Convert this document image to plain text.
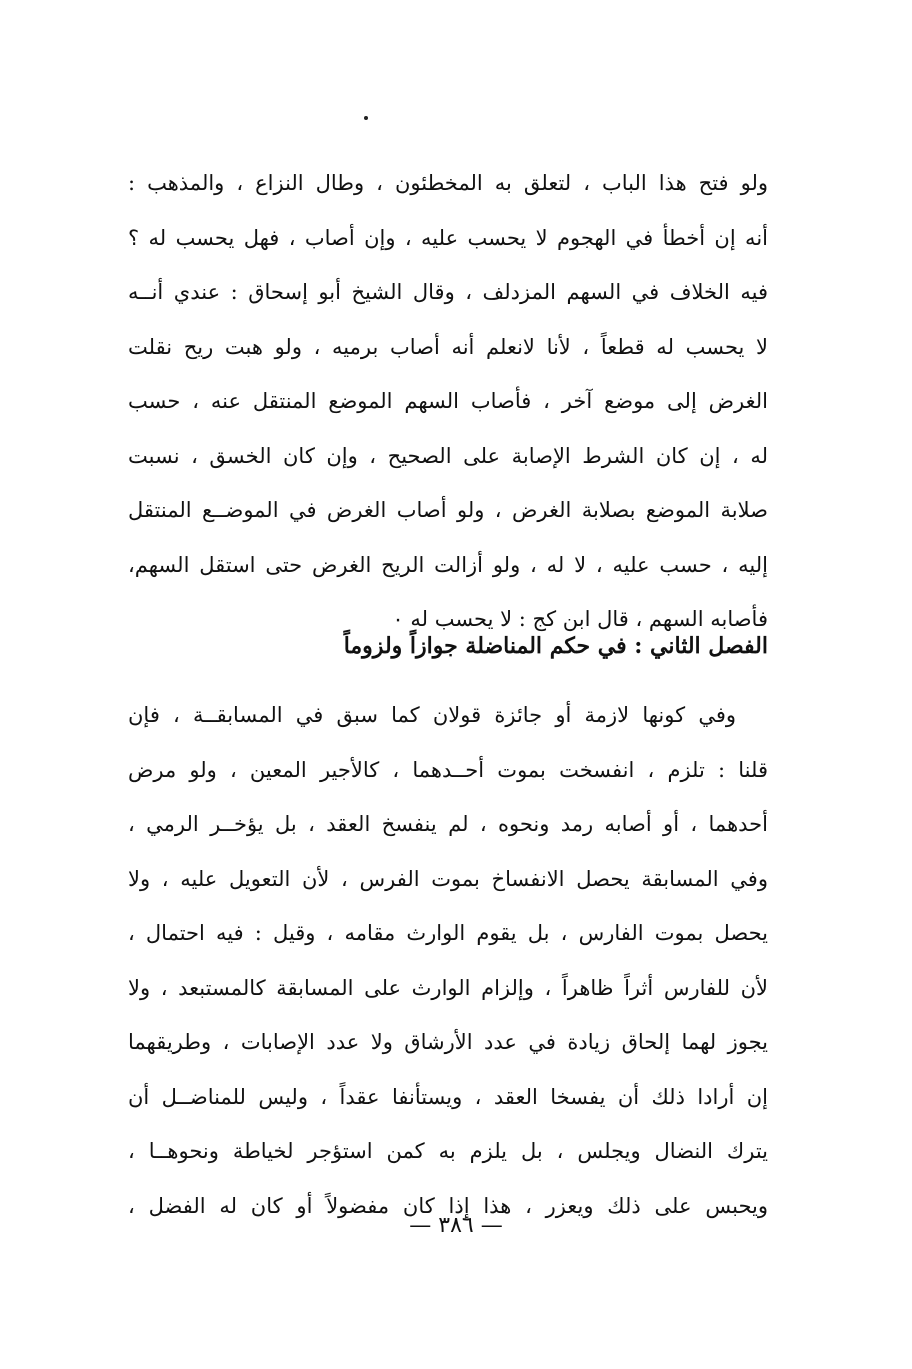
ولو فتح هذا الباب ، لتعلق به المخطئون ، وطال النزاع ، والمذهب :
أنه إن أخطأ في الهجوم لا يحسب عليه ، وإن أصاب ، فهل يحسب له ؟
فيه الخلاف في السهم المزدلف ، وقال الشيخ أبو إسحاق : عندي أنــه
لا يحسب له قطعاً ، لأنا لانعلم أنه أصاب برميه ، ولو هبت ريح نقلت
الغرض إلى موضع آخر ، فأصاب السهم الموضع المنتقل عنه ، حسب
له ، إن كان الشرط الإصابة على الصحيح ، وإن كان الخسق ، نسبت
صلابة الموضع بصلابة الغرض ، ولو أصاب الغرض في الموضــع المنتقل
إليه ، حسب عليه ، لا له ، ولو أزالت الريح الغرض حتى استقل السهم،
فأصابه السهم ، قال ابن كج : لا يحسب له ٠
الفصل الثاني : في حكم المناضلة جوازاً ولزوماً
وفي كونها لازمة أو جائزة قولان كما سبق في المسابقــة ، فإن
قلنا : تلزم ، انفسخت بموت أحــدهما ، كالأجير المعين ، ولو مرض
أحدهما ، أو أصابه رمد ونحوه ، لم ينفسخ العقد ، بل يؤخــر الرمي ،
وفي المسابقة يحصل الانفساخ بموت الفرس ، لأن التعويل عليه ، ولا
يحصل بموت الفارس ، بل يقوم الوارث مقامه ، وقيل : فيه احتمال ،
لأن للفارس أثراً ظاهراً ، وإلزام الوارث على المسابقة كالمستبعد ، ولا
يجوز لهما إلحاق زيادة في عدد الأرشاق ولا عدد الإصابات ، وطريقهما
إن أرادا ذلك أن يفسخا العقد ، ويستأنفا عقداً ، وليس للمناضــل أن
يترك النضال ويجلس ، بل يلزم به كمن استؤجر لخياطة ونحوهــا ،
ويحبس على ذلك ويعزر ، هذا إذا كان مفضولاً أو كان له الفضل ،
— ٣٨٦ —
